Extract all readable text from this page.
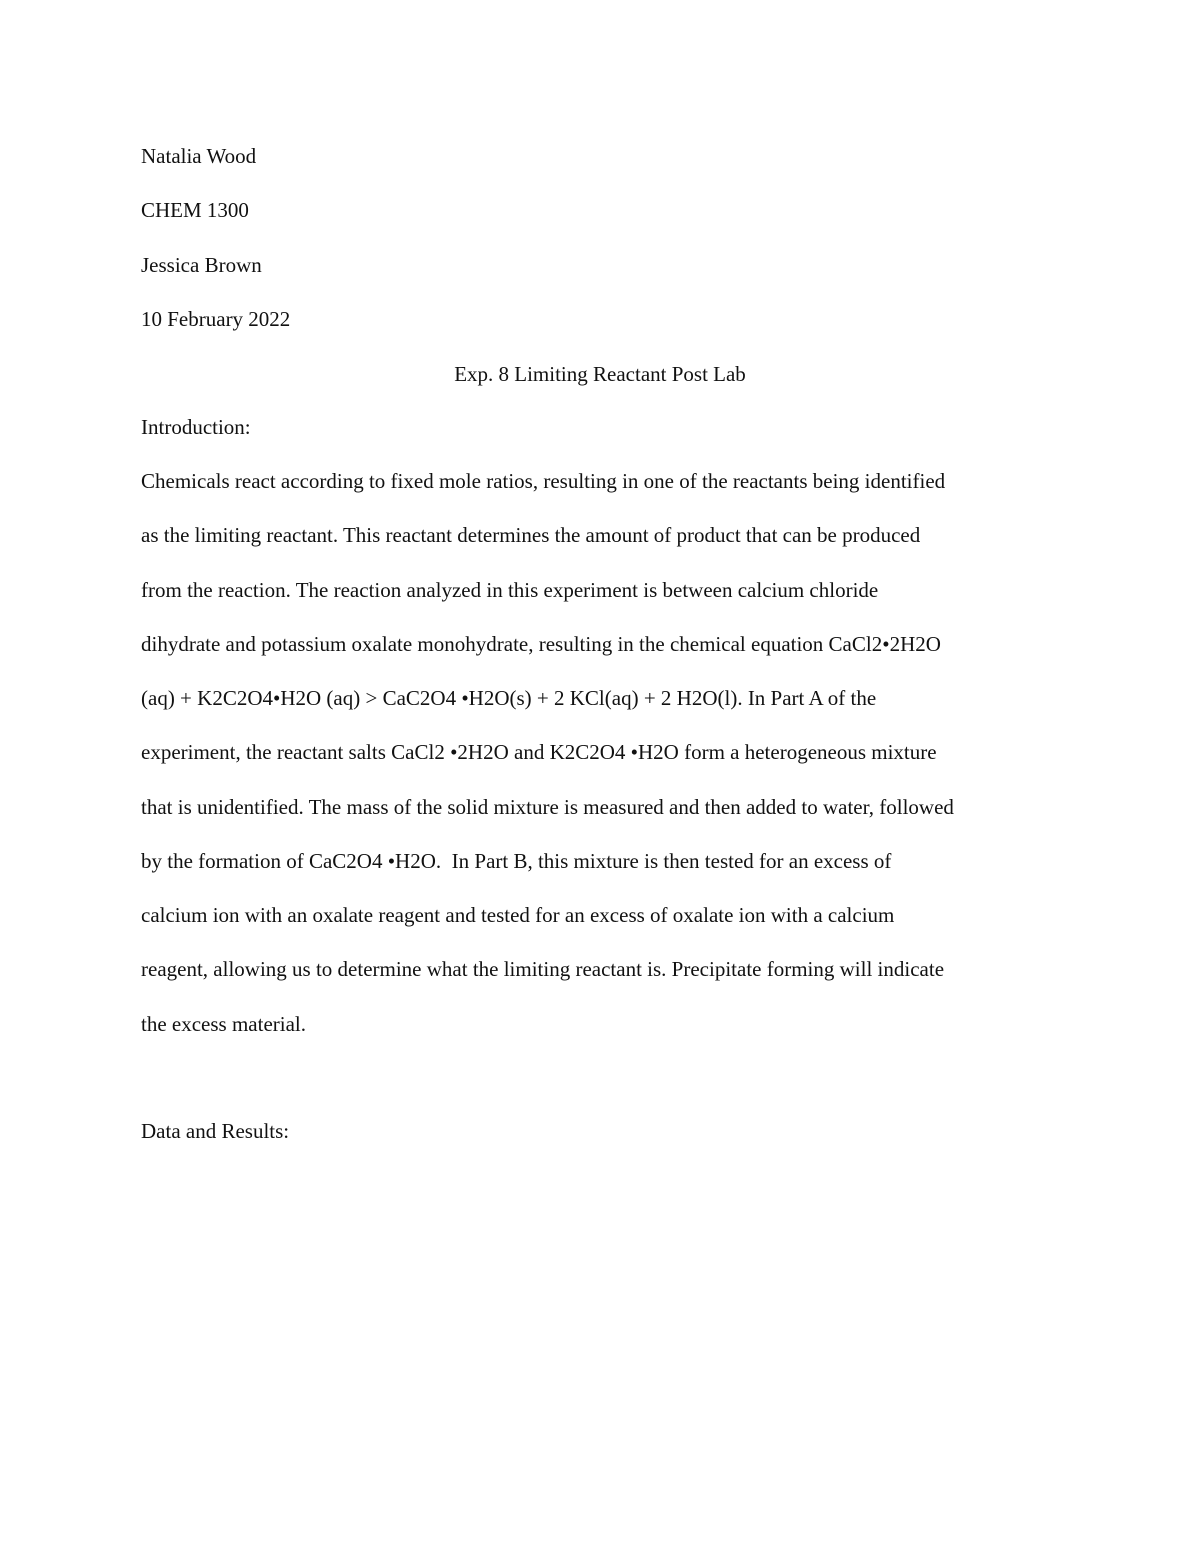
Natalia Wood
CHEM 1300
Jessica Brown
10 February 2022
Exp. 8 Limiting Reactant Post Lab
Introduction:
Chemicals react according to fixed mole ratios, resulting in one of the reactants being identified
as the limiting reactant. This reactant determines the amount of product that can be produced
from the reaction. The reaction analyzed in this experiment is between calcium chloride
dihydrate and potassium oxalate monohydrate, resulting in the chemical equation CaCl2•2H2O
(aq) + K2C2O4•H2O (aq) > CaC2O4 •H2O(s) + 2 KCl(aq) + 2 H2O(l). In Part A of the
experiment, the reactant salts CaCl2 •2H2O and K2C2O4 •H2O form a heterogeneous mixture
that is unidentified. The mass of the solid mixture is measured and then added to water, followed
by the formation of CaC2O4 •H2O.  In Part B, this mixture is then tested for an excess of
calcium ion with an oxalate reagent and tested for an excess of oxalate ion with a calcium
reagent, allowing us to determine what the limiting reactant is. Precipitate forming will indicate
the excess material.
Data and Results:
